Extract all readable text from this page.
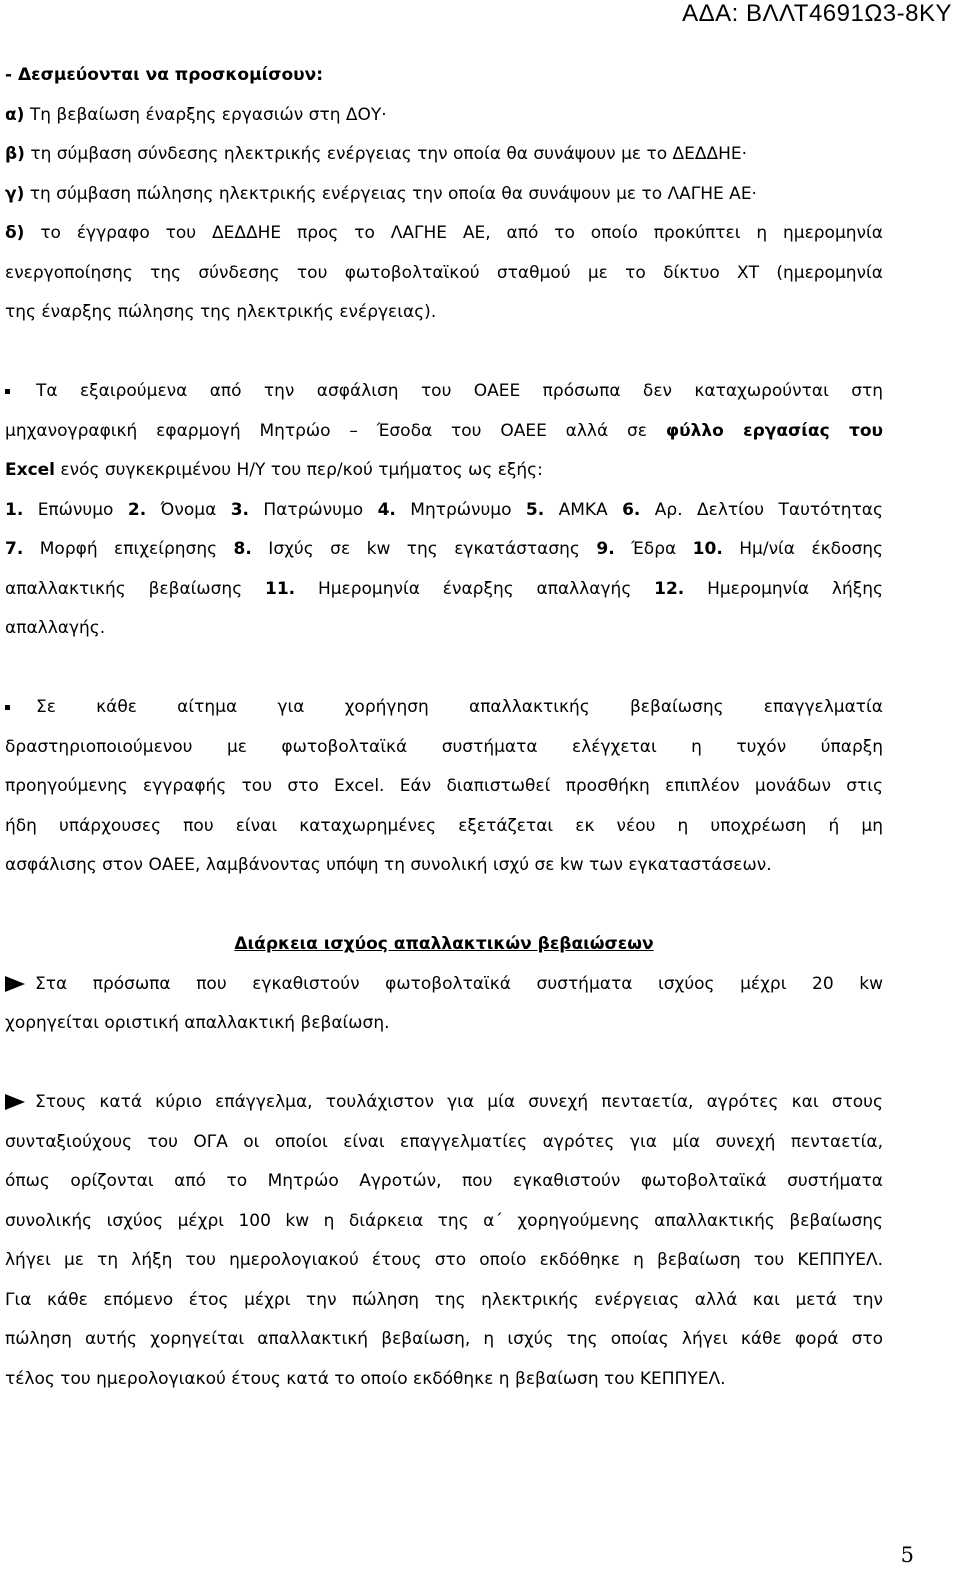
ΑΔΑ: ΒΛΛΤ4691Ω3-8ΚΥ
- Δεσμεύονται να προσκομίσουν:
α) Τη βεβαίωση έναρξης εργασιών στη ΔΟΥ·
β) τη σύμβαση σύνδεσης ηλεκτρικής ενέργειας την οποία θα συνάψουν με το ΔΕΔΔΗΕ·
γ) τη σύμβαση πώλησης ηλεκτρικής ενέργειας την οποία θα συνάψουν με το ΛΑΓΗΕ ΑΕ·
δ) το έγγραφο του ΔΕΔΔΗΕ προς το ΛΑΓΗΕ ΑΕ, από το οποίο προκύπτει η ημερομηνία
ενεργοποίησης της σύνδεσης του φωτοβολταϊκού σταθμού με το δίκτυο ΧΤ (ημερομηνία
της έναρξης πώλησης της ηλεκτρικής ενέργειας).
Τα εξαιρούμενα από την ασφάλιση του ΟΑΕΕ πρόσωπα δεν καταχωρούνται στη
μηχανογραφική εφαρμογή Μητρώο – Έσοδα του ΟΑΕΕ αλλά σε φύλλο εργασίας του
Excel ενός συγκεκριμένου Η/Υ του περ/κού τμήματος ως εξής:
1. Επώνυμο 2. Όνομα 3. Πατρώνυμο 4. Μητρώνυμο 5. ΑΜΚΑ 6. Αρ. Δελτίου Ταυτότητας
7. Μορφή επιχείρησης 8. Ισχύς σε kw της εγκατάστασης 9. Έδρα 10. Ημ/νία έκδοσης
απαλλακτικής βεβαίωσης 11. Ημερομηνία έναρξης απαλλαγής 12. Ημερομηνία λήξης
απαλλαγής.
Σε κάθε αίτημα για χορήγηση απαλλακτικής βεβαίωσης επαγγελματία
δραστηριοποιούμενου με φωτοβολταϊκά συστήματα ελέγχεται η τυχόν ύπαρξη
προηγούμενης εγγραφής του στο Excel. Εάν διαπιστωθεί προσθήκη επιπλέον μονάδων στις
ήδη υπάρχουσες που είναι καταχωρημένες εξετάζεται εκ νέου η υποχρέωση ή μη
ασφάλισης στον ΟΑΕΕ, λαμβάνοντας υπόψη τη συνολική ισχύ σε kw των εγκαταστάσεων.
Διάρκεια ισχύος απαλλακτικών βεβαιώσεων
Στα πρόσωπα που εγκαθιστούν φωτοβολταϊκά συστήματα ισχύος μέχρι 20 kw
χορηγείται οριστική απαλλακτική βεβαίωση.
Στους κατά κύριο επάγγελμα, τουλάχιστον για μία συνεχή πενταετία, αγρότες και στους
συνταξιούχους του ΟΓΑ οι οποίοι είναι επαγγελματίες αγρότες για μία συνεχή πενταετία,
όπως ορίζονται από το Μητρώο Αγροτών, που εγκαθιστούν φωτοβολταϊκά συστήματα
συνολικής ισχύος μέχρι 100 kw η διάρκεια της α΄ χορηγούμενης απαλλακτικής βεβαίωσης
λήγει με τη λήξη του ημερολογιακού έτους στο οποίο εκδόθηκε η βεβαίωση του ΚΕΠΠΥΕΛ.
Για κάθε επόμενο έτος μέχρι την πώληση της ηλεκτρικής ενέργειας αλλά και μετά την
πώληση αυτής χορηγείται απαλλακτική βεβαίωση, η ισχύς της οποίας λήγει κάθε φορά στο
τέλος του ημερολογιακού έτους κατά το οποίο εκδόθηκε η βεβαίωση του ΚΕΠΠΥΕΛ.
5
